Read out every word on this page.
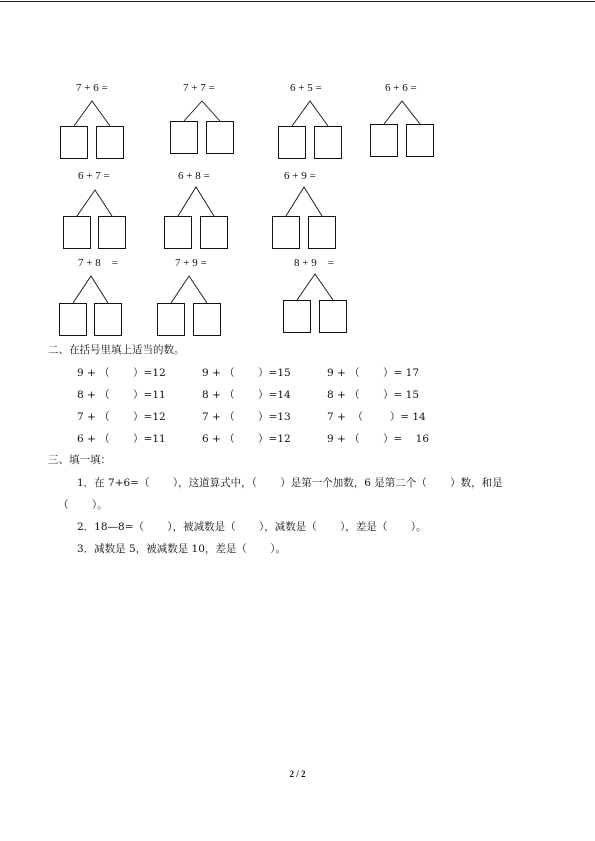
7 + 6 =	7 + 7 =	6 + 5 =	6 + 6 =
6 + 7 =	6 + 8 =	6 + 9 =
7 + 8    =	7 + 9 =	8 + 9    =
二、在括号里填上适当的数。
9 + （       ）=12	9 + （       ）=15	9 + （       ）= 17
8 + （       ）=11	8 + （       ）=14	8 + （       ）= 15
7 + （       ）=12	7 + （       ）=13	7 +  （        ）= 14
6 + （       ）=11	6 + （       ）=12	9 + （       ）=    16
三、填一填：
1．在 7+6=（       ），这道算式中，（       ）是第一个加数，6 是第二个（       ）数，和是
（       ）。
2．18—8=（       ），被减数是（       ），减数是（       ），差是（       ）。
3．减数是 5，被减数是 10，差是（       ）。
2 / 2
